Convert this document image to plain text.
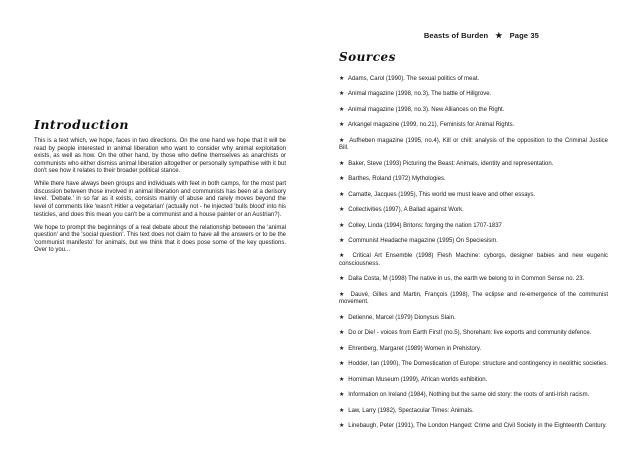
Beasts of Burden ★ Page 35
Sources
★ Adams, Carol (1990). The sexual politics of meat.
★ Animal magazine (1998, no.3), The battle of Hillgrove.
★ Animal magazine (1998, no.3). New Alliances on the Right.
★ Arkangel magazine (1999, no.21), Feminists for Animal Rights.
★ Aufheben magazine (1995, no.4), Kill or chill: analysis of the opposition to the Criminal Justice Bill.
★ Baker, Steve (1993) Picturing the Beast: Animals, identity and representation.
★ Barthes, Roland (1972) Mythologies.
★ Camatte, Jacques (1995), This world we must leave and other essays.
★ Collectivities (1997), A Ballad against Work.
★ Colley, Linda (1994) Britons: forging the nation 1707-1837
★ Communist Headache magazine (1995) On Speciesism.
★ Critical Art Ensemble (1998) Flesh Machine: cyborgs, designer babies and new eugenic consciousness.
★ Dalla Costa, M (1998) The native in us, the earth we belong to in Common Sense no. 23.
★ Dauvé, Gilles and Martin, François (1998), The eclipse and re-emergence of the communist movement.
★ Detienne, Marcel (1979) Dionysus Slain.
★ Do or Die! - voices from Earth First! (no.5), Shoreham: live exports and community defence.
★ Ehrenberg, Margaret (1989) Women in Prehistory.
★ Hodder, Ian (1990), The Domestication of Europe: structure and contingency in neolithic societies.
★ Horniman Museum (1999), African worlds exhibition.
★ Information on Ireland (1984), Nothing but the same old story: the roots of anti-Irish racism.
★ Law, Larry (1982), Spectacular Times: Animals.
★ Linebaugh, Peter (1991), The London Hanged: Crime and Civil Society in the Eighteenth Century.
Introduction

This is a text which, we hope, faces in two directions. On the one hand we hope that it will be read by people interested in animal liberation who want to consider why animal exploitation exists, as well as how. On the other hand, by those who define themselves as anarchists or communists who either dismiss animal liberation altogether or personally sympathise with it but don't see how it relates to their broader political stance.

While there have always been groups and individuals with feet in both camps, for the most part discussion between those involved in animal liberation and communists has been at a derisory level. 'Debate.' in so far as it exists, consists mainly of abuse and rarely moves beyond the level of comments like 'wasn't Hitler a vegetarian' (actually not - he injected 'bulls blood' into his testicles, and does this mean you can't be a communist and a house painter or an Austrian?).

We hope to prompt the beginnings of a real debate about the relationship between the 'animal question' and the 'social question'. This text does not claim to have all the answers or to be the 'communist manifesto' for animals, but we think that it does pose some of the key questions. Over to you...
